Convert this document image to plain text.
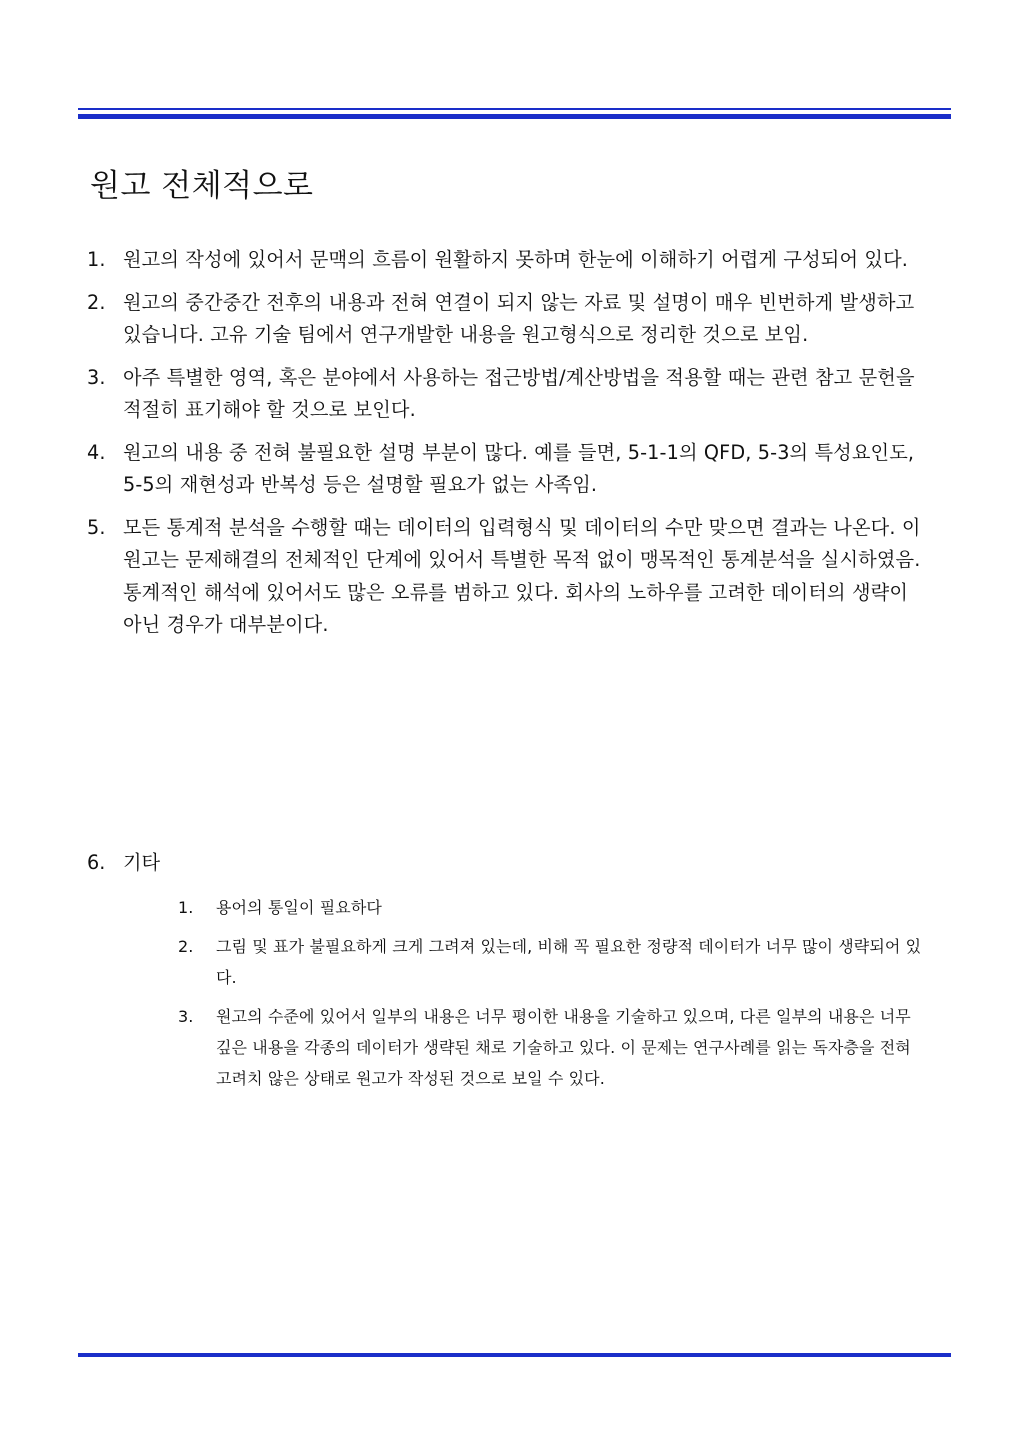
원고 전체적으로
1. 원고의 작성에 있어서 문맥의 흐름이 원활하지 못하며 한눈에 이해하기 어렵게 구성되어 있다.
2. 원고의 중간중간 전후의 내용과 전혀 연결이 되지 않는 자료 및 설명이 매우 빈번하게 발생하고 있습니다. 고유 기술 팀에서 연구개발한 내용을 원고형식으로 정리한 것으로 보임.
3. 아주 특별한 영역, 혹은 분야에서 사용하는 접근방법/계산방법을 적용할 때는 관련 참고 문헌을 적절히 표기해야 할 것으로 보인다.
4. 원고의 내용 중 전혀 불필요한 설명 부분이 많다. 예를 들면, 5-1-1의 QFD, 5-3의 특성요인도, 5-5의 재현성과 반복성 등은 설명할 필요가 없는 사족임.
5. 모든 통계적 분석을 수행할 때는 데이터의 입력형식 및 데이터의 수만 맞으면 결과는 나온다. 이 원고는 문제해결의 전체적인 단계에 있어서 특별한 목적 없이 맹목적인 통계분석을 실시하였음. 통계적인 해석에 있어서도 많은 오류를 범하고 있다. 회사의 노하우를 고려한 데이터의 생략이 아닌 경우가 대부분이다.
6. 기타
1. 용어의 통일이 필요하다
2. 그림 및 표가 불필요하게 크게 그려져 있는데, 비해 꼭 필요한 정량적 데이터가 너무 많이 생략되어 있다.
3. 원고의 수준에 있어서 일부의 내용은 너무 평이한 내용을 기술하고 있으며, 다른 일부의 내용은 너무 깊은 내용을 각종의 데이터가 생략된 채로 기술하고 있다. 이 문제는 연구사례를 읽는 독자층을 전혀 고려치 않은 상태로 원고가 작성된 것으로 보일 수 있다.
